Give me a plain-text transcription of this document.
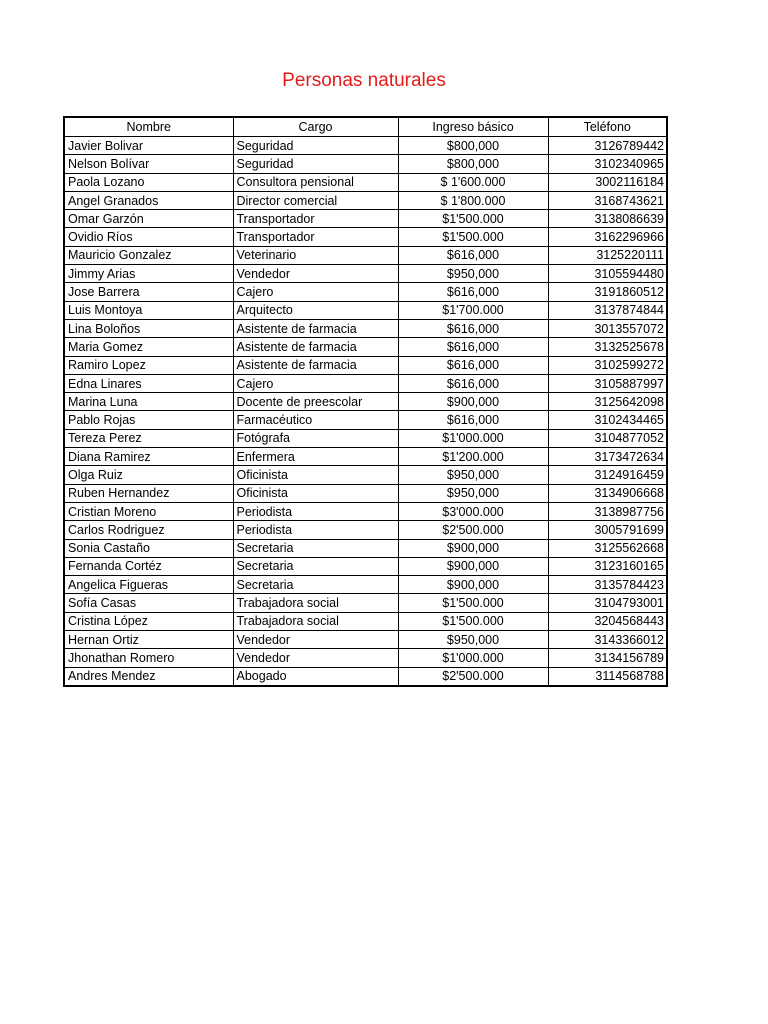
Personas naturales
Nombre	Cargo	Ingreso básico	Teléfono
Javier Bolivar	Seguridad	$800,000	3126789442
Nelson Bolívar	Seguridad	$800,000	3102340965
Paola Lozano	Consultora pensional	$ 1'600.000	3002116184
Angel Granados	Director comercial	$ 1'800.000	3168743621
Omar Garzón	Transportador	$1'500.000	3138086639
Ovidio Ríos	Transportador	$1'500.000	3162296966
Mauricio Gonzalez	Veterinario	$616,000	3125220111
Jimmy Arias	Vendedor	$950,000	3105594480
Jose Barrera	Cajero	$616,000	3191860512
Luis Montoya	Arquitecto	$1'700.000	3137874844
Lina Boloños	Asistente de farmacia	$616,000	3013557072
Maria Gomez	Asistente de farmacia	$616,000	3132525678
Ramiro Lopez	Asistente de farmacia	$616,000	3102599272
Edna Linares	Cajero	$616,000	3105887997
Marina Luna	Docente de preescolar	$900,000	3125642098
Pablo Rojas	Farmacéutico	$616,000	3102434465
Tereza Perez	Fotógrafa	$1'000.000	3104877052
Diana Ramirez	Enfermera	$1'200.000	3173472634
Olga Ruiz	Oficinista	$950,000	3124916459
Ruben Hernandez	Oficinista	$950,000	3134906668
Cristian Moreno	Periodista	$3'000.000	3138987756
Carlos Rodriguez	Periodista	$2'500.000	3005791699
Sonia Castaño	Secretaria	$900,000	3125562668
Fernanda Cortéz	Secretaria	$900,000	3123160165
Angelica Figueras	Secretaria	$900,000	3135784423
Sofía Casas	Trabajadora social	$1'500.000	3104793001
Cristina López	Trabajadora social	$1'500.000	3204568443
Hernan Ortiz	Vendedor	$950,000	3143366012
Jhonathan Romero	Vendedor	$1'000.000	3134156789
Andres Mendez	Abogado	$2'500.000	3114568788
